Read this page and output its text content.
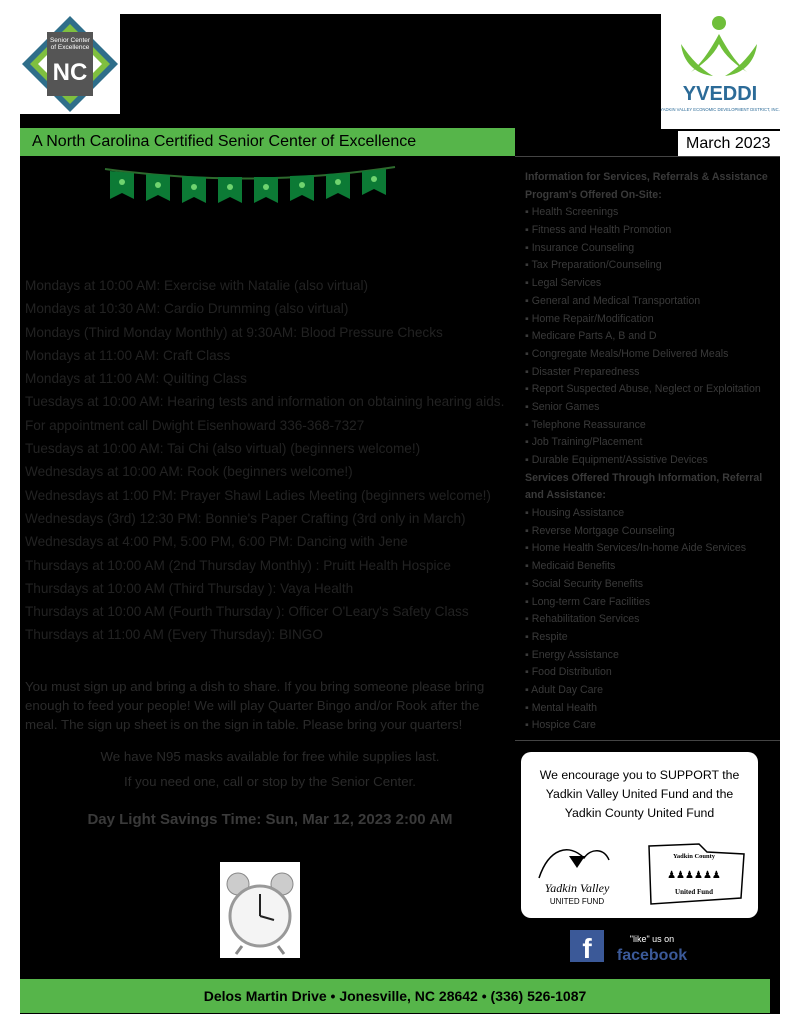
Senior Center
of Excellence
NC
YVEDDI
YADKIN VALLEY ECONOMIC DEVELOPMENT DISTRICT, INC.
A North Carolina Certified Senior Center of Excellence	March 2023
Mondays at 10:00 AM: Exercise with Natalie (also virtual)
Mondays at 10:30 AM: Cardio Drumming (also virtual)
Mondays (Third Monday Monthly) at 9:30AM: Blood Pressure Checks
Mondays at 11:00 AM: Craft Class
Mondays at 11:00 AM: Quilting Class
Tuesdays at 10:00 AM: Hearing tests and information on obtaining hearing aids.
For appointment call Dwight Eisenhoward 336-368-7327
Tuesdays at 10:00 AM: Tai Chi (also virtual) (beginners welcome!)
Wednesdays at 10:00 AM: Rook (beginners welcome!)
Wednesdays at 1:00 PM: Prayer Shawl Ladies Meeting (beginners welcome!)
Wednesdays (3rd) 12:30 PM: Bonnie's Paper Crafting (3rd only in March)
Wednesdays at 4:00 PM, 5:00 PM, 6:00 PM: Dancing with Jene
Thursdays at 10:00 AM (2nd Thursday Monthly) : Pruitt Health Hospice
Thursdays at 10:00 AM (Third Thursday ): Vaya Health
Thursdays at 10:00 AM (Fourth Thursday ): Officer O'Leary's Safety Class
Thursdays at 11:00 AM (Every Thursday): BINGO
You must sign up and bring a dish to share. If you bring someone please bring enough to feed your people! We will play Quarter Bingo and/or Rook after the meal. The sign up sheet is on the sign in table. Please bring your quarters!
We have N95 masks available for free while supplies last.
If you need one, call or stop by the Senior Center.
Day Light Savings Time: Sun, Mar 12, 2023 2:00 AM
Information for Services, Referrals & Assistance
Program's Offered On-Site:
▪ Health Screenings
▪ Fitness and Health Promotion
▪ Insurance Counseling
▪ Tax Preparation/Counseling
▪ Legal Services
▪ General and Medical Transportation
▪ Home Repair/Modification
▪ Medicare Parts A, B and D
▪ Congregate Meals/Home Delivered Meals
▪ Disaster Preparedness
▪ Report Suspected Abuse, Neglect or Exploitation
▪ Senior Games
▪ Telephone Reassurance
▪ Job Training/Placement
▪ Durable Equipment/Assistive Devices
Services Offered Through Information, Referral
and Assistance:
▪ Housing Assistance
▪ Reverse Mortgage Counseling
▪ Home Health Services/In-home Aide Services
▪ Medicaid Benefits
▪ Social Security Benefits
▪ Long-term Care Facilities
▪ Rehabilitation Services
▪ Respite
▪ Energy Assistance
▪ Food Distribution
▪ Adult Day Care
▪ Mental Health
▪ Hospice Care
We encourage you to SUPPORT the
Yadkin Valley United Fund and the
Yadkin County United Fund
Yadkin Valley
UNITED FUND
Yadkin County
♟♟♟♟♟♟
United Fund
f	"like" us on
facebook
Delos Martin Drive • Jonesville, NC 28642 • (336) 526-1087
